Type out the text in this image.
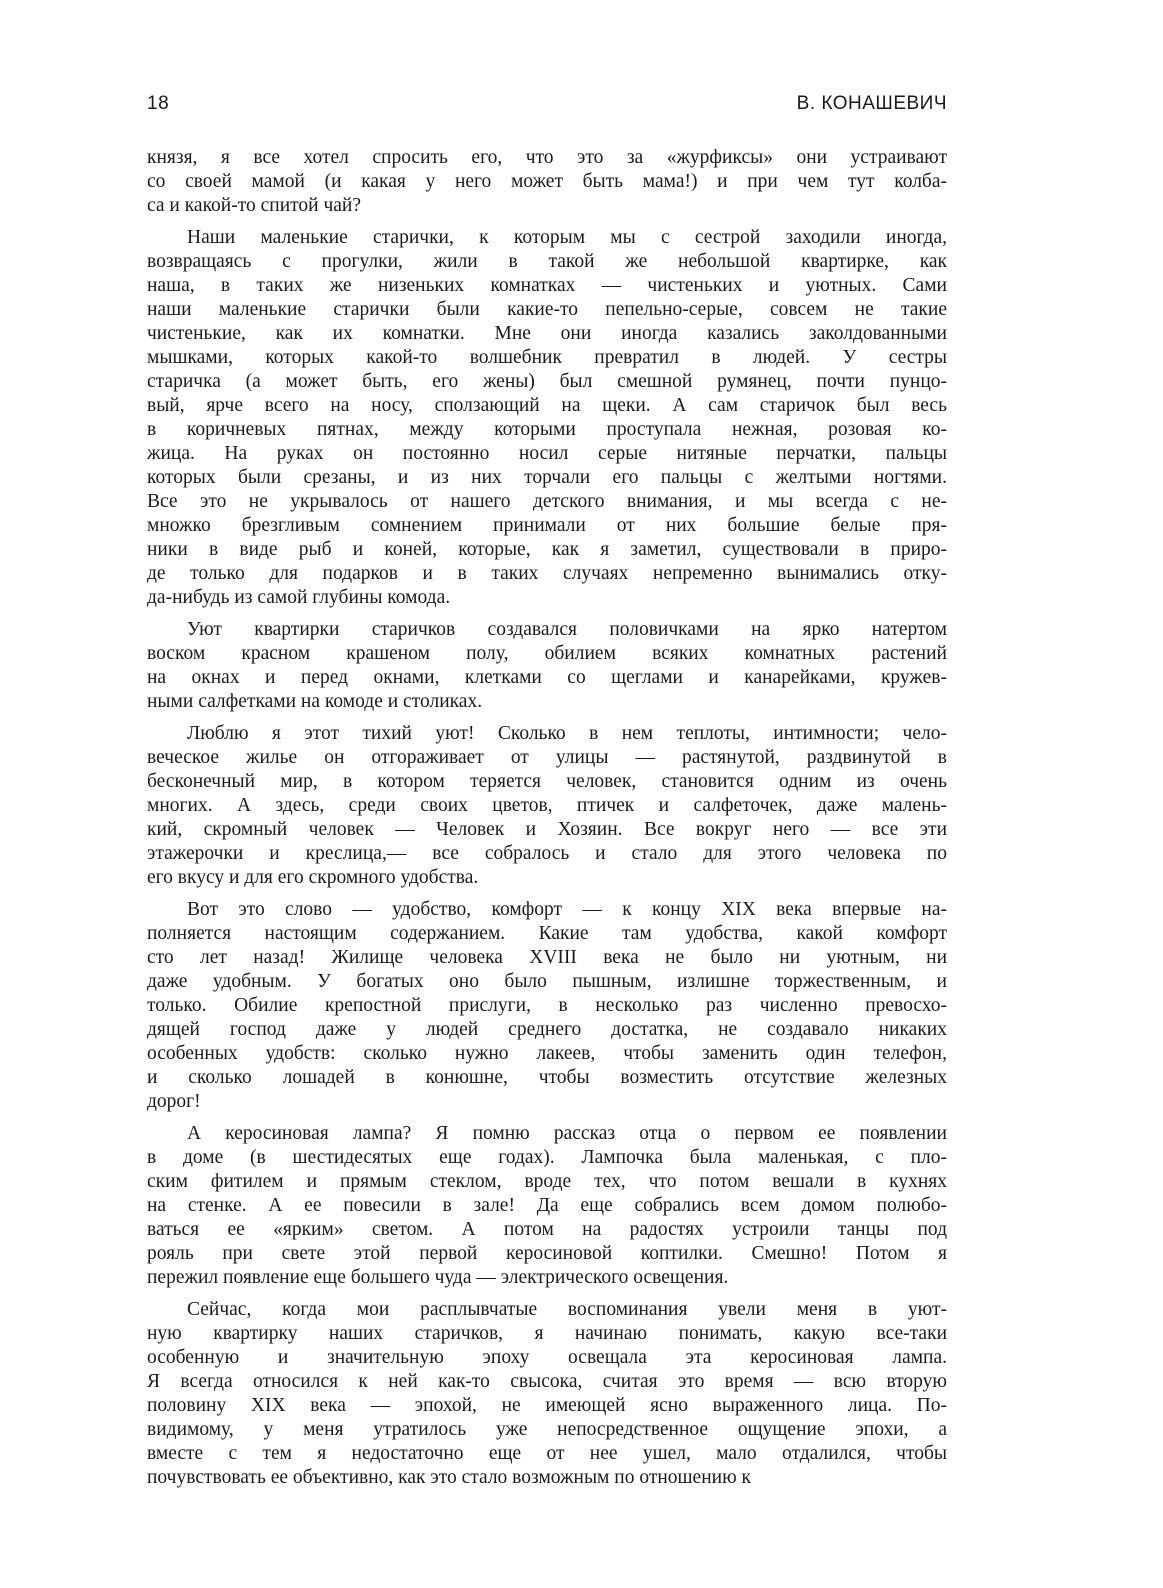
18	В. КОНАШЕВИЧ
князя, я все хотел спросить его, что это за «журфиксы» они устраивают
со своей мамой (и какая у него может быть мама!) и при чем тут колба-
са и какой-то спитой чай?
Наши маленькие старички, к которым мы с сестрой заходили иногда,
возвращаясь с прогулки, жили в такой же небольшой квартирке, как
наша, в таких же низеньких комнатках — чистеньких и уютных. Сами
наши маленькие старички были какие-то пепельно-серые, совсем не такие
чистенькие, как их комнатки. Мне они иногда казались заколдованными
мышками, которых какой-то волшебник превратил в людей. У сестры
старичка (а может быть, его жены) был смешной румянец, почти пунцо-
вый, ярче всего на носу, сползающий на щеки. А сам старичок был весь
в коричневых пятнах, между которыми проступала нежная, розовая ко-
жица. На руках он постоянно носил серые нитяные перчатки, пальцы
которых были срезаны, и из них торчали его пальцы с желтыми ногтями.
Все это не укрывалось от нашего детского внимания, и мы всегда с не-
множко брезгливым сомнением принимали от них большие белые пря-
ники в виде рыб и коней, которые, как я заметил, существовали в приро-
де только для подарков и в таких случаях непременно вынимались отку-
да-нибудь из самой глубины комода.
Уют квартирки старичков создавался половичками на ярко натертом
воском красном крашеном полу, обилием всяких комнатных растений
на окнах и перед окнами, клетками со щеглами и канарейками, кружев-
ными салфетками на комоде и столиках.
Люблю я этот тихий уют! Сколько в нем теплоты, интимности; чело-
веческое жилье он отгораживает от улицы — растянутой, раздвинутой в
бесконечный мир, в котором теряется человек, становится одним из очень
многих. А здесь, среди своих цветов, птичек и салфеточек, даже малень-
кий, скромный человек — Человек и Хозяин. Все вокруг него — все эти
этажерочки и креслица,— все собралось и стало для этого человека по
его вкусу и для его скромного удобства.
Вот это слово — удобство, комфорт — к концу XIX века впервые на-
полняется настоящим содержанием. Какие там удобства, какой комфорт
сто лет назад! Жилище человека XVIII века не было ни уютным, ни
даже удобным. У богатых оно было пышным, излишне торжественным, и
только. Обилие крепостной прислуги, в несколько раз численно превосхо-
дящей господ даже у людей среднего достатка, не создавало никаких
особенных удобств: сколько нужно лакеев, чтобы заменить один телефон,
и сколько лошадей в конюшне, чтобы возместить отсутствие железных
дорог!
А керосиновая лампа? Я помню рассказ отца о первом ее появлении
в доме (в шестидесятых еще годах). Лампочка была маленькая, с пло-
ским фитилем и прямым стеклом, вроде тех, что потом вешали в кухнях
на стенке. А ее повесили в зале! Да еще собрались всем домом полюбо-
ваться ее «ярким» светом. А потом на радостях устроили танцы под
рояль при свете этой первой керосиновой коптилки. Смешно! Потом я
пережил появление еще большего чуда — электрического освещения.
Сейчас, когда мои расплывчатые воспоминания увели меня в уют-
ную квартирку наших старичков, я начинаю понимать, какую все-таки
особенную и значительную эпоху освещала эта керосиновая лампа.
Я всегда относился к ней как-то свысока, считая это время — всю вторую
половину XIX века — эпохой, не имеющей ясно выраженного лица. По-
видимому, у меня утратилось уже непосредственное ощущение эпохи, а
вместе с тем я недостаточно еще от нее ушел, мало отдалился, чтобы
почувствовать ее объективно, как это стало возможным по отношению к
